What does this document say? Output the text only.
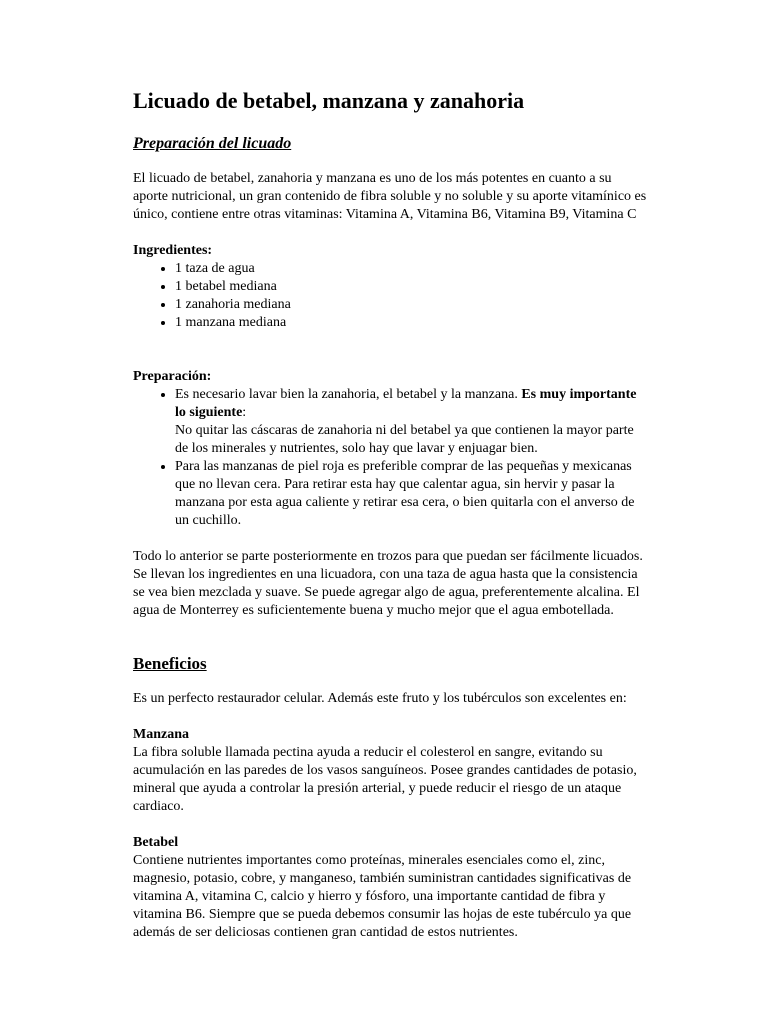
Licuado de betabel, manzana y zanahoria
Preparación del licuado

El licuado de betabel, zanahoria y manzana es uno de los más potentes en cuanto a su aporte nutricional, un gran contenido de fibra soluble y no soluble y su aporte vitamínico es único, contiene entre otras vitaminas: Vitamina A, Vitamina B6, Vitamina B9, Vitamina C

Ingredientes:
• 1 taza de agua
• 1 betabel mediana
• 1 zanahoria mediana
• 1 manzana mediana
Preparación:
• Es necesario lavar bien la zanahoria, el betabel y la manzana. Es muy importante lo siguiente:
No quitar las cáscaras de zanahoria ni del betabel ya que contienen la mayor parte de los minerales y nutrientes, solo hay que lavar y enjuagar bien.
• Para las manzanas de piel roja es preferible comprar de las pequeñas y mexicanas que no llevan cera. Para retirar esta hay que calentar agua, sin hervir y pasar la manzana por esta agua caliente y retirar esa cera, o bien quitarla con el anverso de un cuchillo.

Todo lo anterior se parte posteriormente en trozos para que puedan ser fácilmente licuados. Se llevan los ingredientes en una licuadora, con una taza de agua hasta que la consistencia se vea bien mezclada y suave. Se puede agregar algo de agua, preferentemente alcalina. El agua de Monterrey es suficientemente buena y mucho mejor que el agua embotellada.

Beneficios

Es un perfecto restaurador celular. Además este fruto y los tubérculos son excelentes en:

Manzana

La fibra soluble llamada pectina ayuda a reducir el colesterol en sangre, evitando su acumulación en las paredes de los vasos sanguíneos. Posee grandes cantidades de potasio, mineral que ayuda a controlar la presión arterial, y puede reducir el riesgo de un ataque cardiaco.

Betabel

Contiene nutrientes importantes como proteínas, minerales esenciales como el, zinc, magnesio, potasio, cobre, y manganeso, también suministran cantidades significativas de vitamina A, vitamina C, calcio y hierro y fósforo, una importante cantidad de fibra y vitamina B6. Siempre que se pueda debemos consumir las hojas de este tubérculo ya que además de ser deliciosas contienen gran cantidad de estos nutrientes.
